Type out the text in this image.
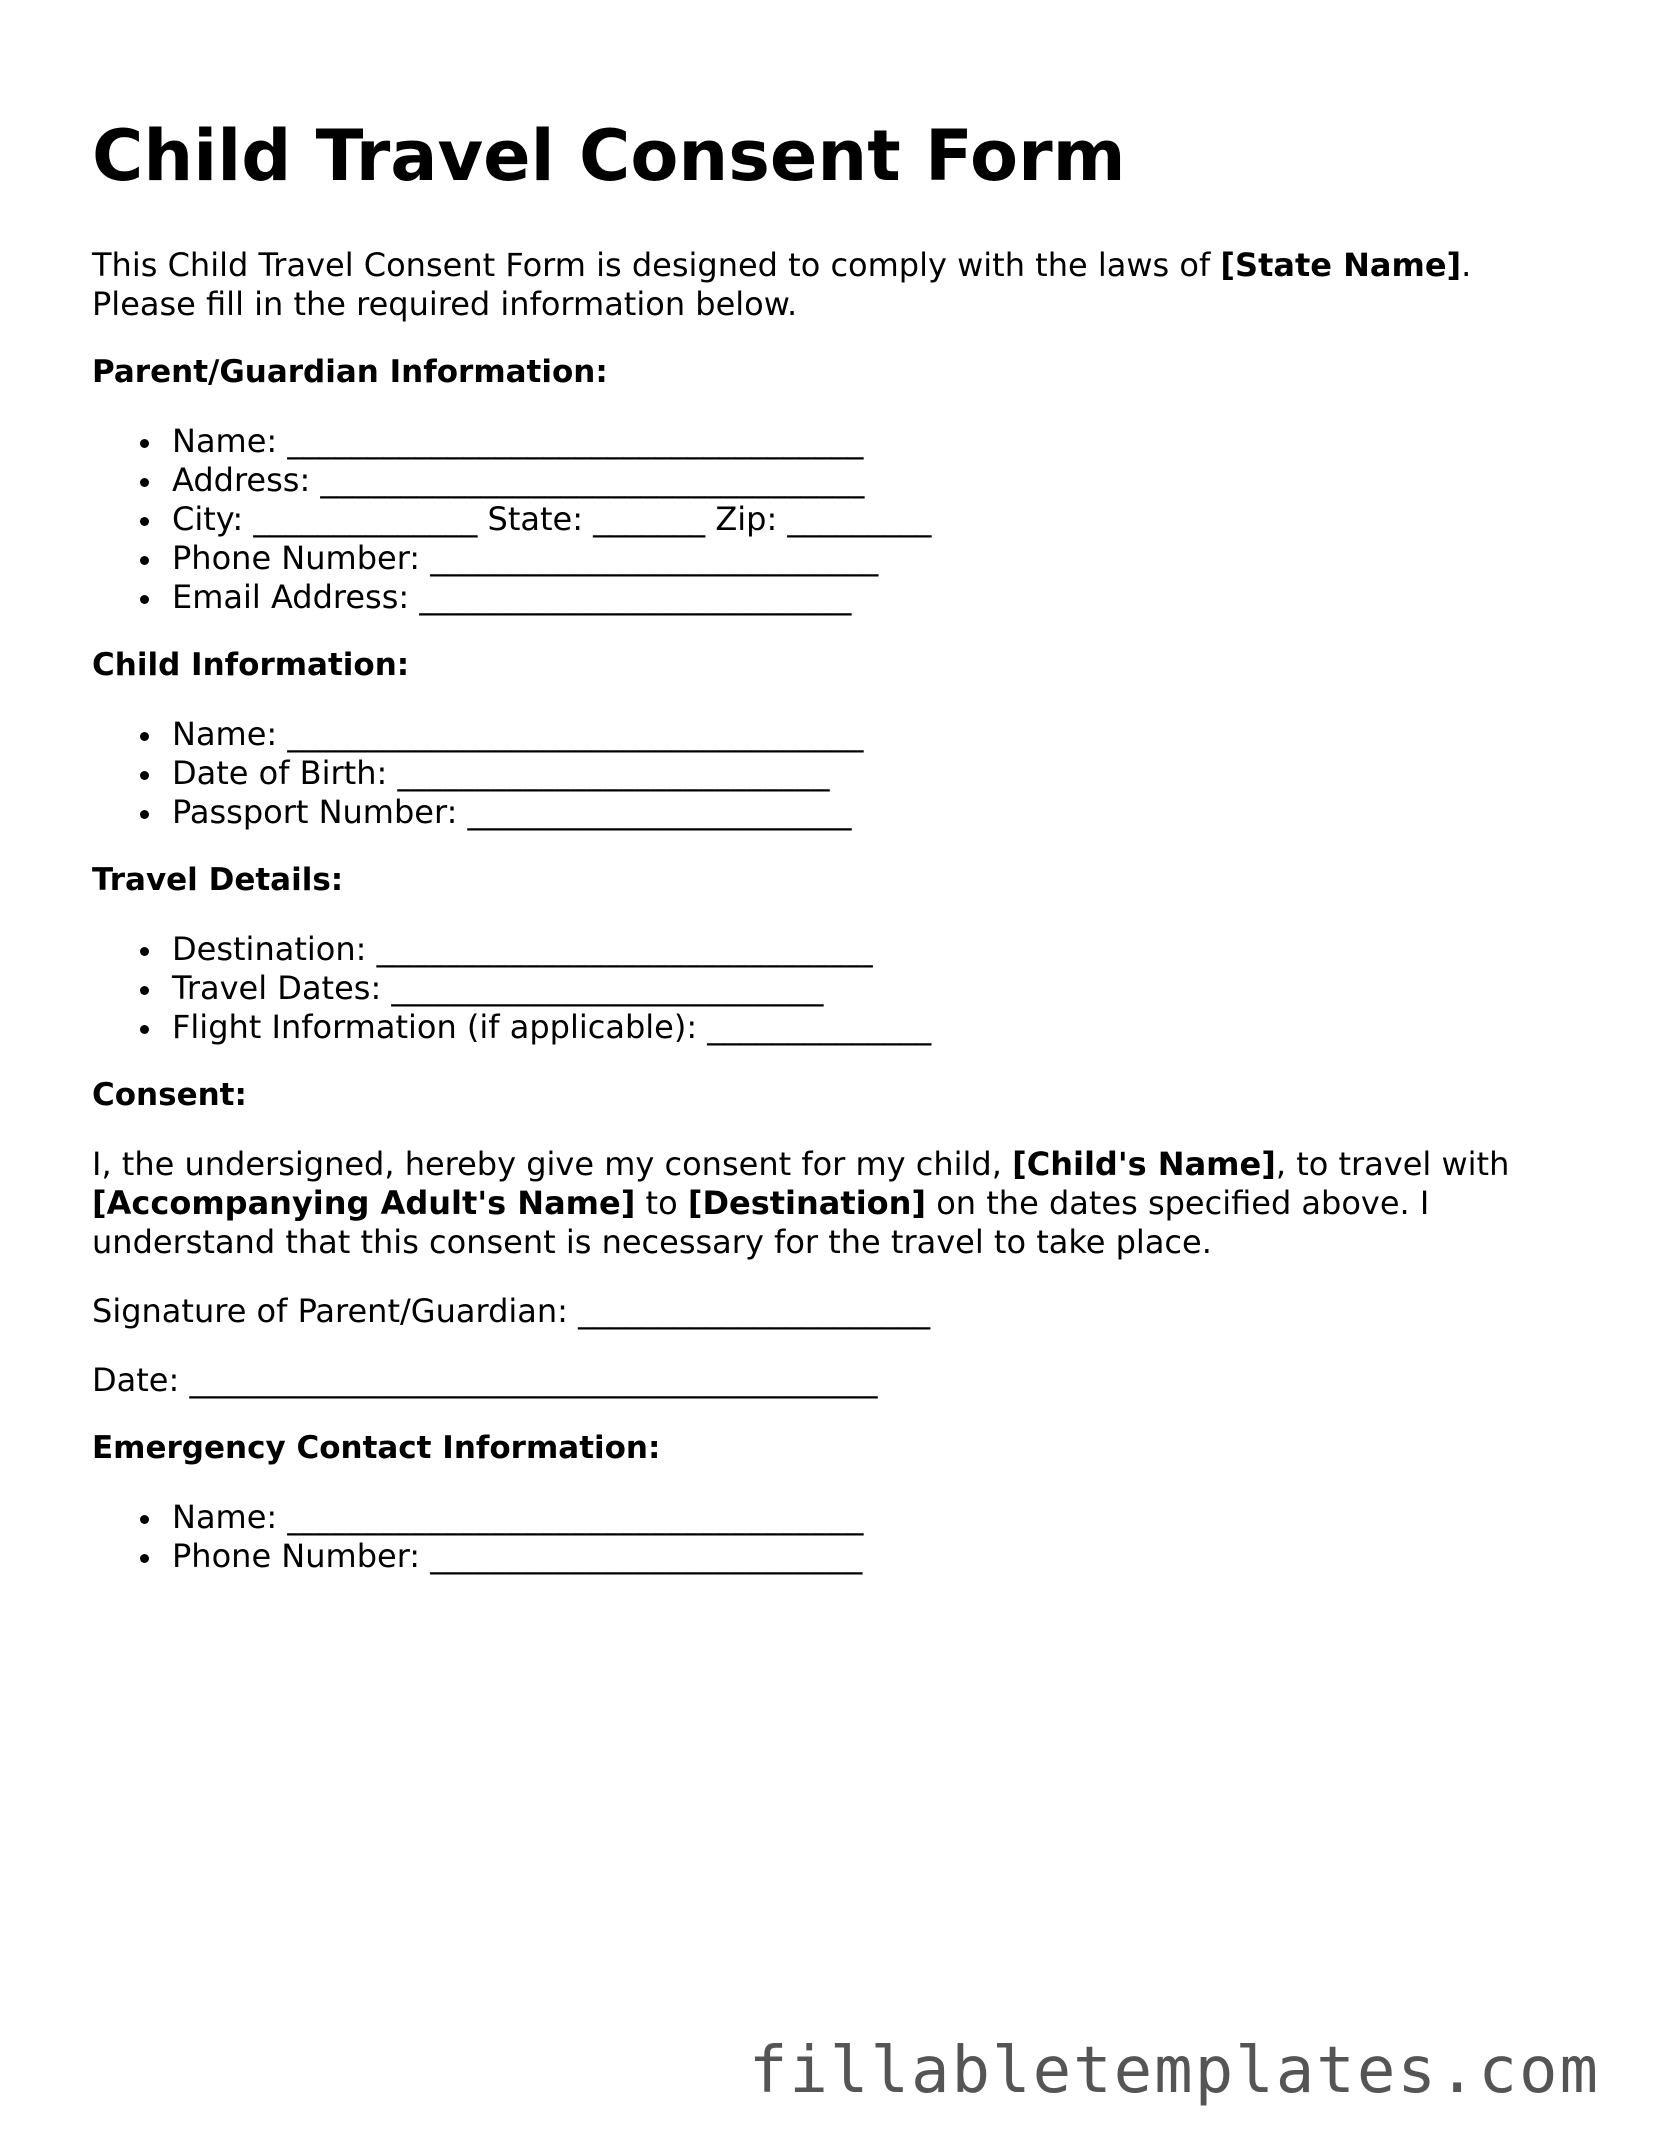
Child Travel Consent Form

This Child Travel Consent Form is designed to comply with the laws of [State Name].
Please fill in the required information below.

Parent/Guardian Information:
Name: ____________________________________
Address: __________________________________
City: ______________ State: _______ Zip: _________
Phone Number: ____________________________
Email Address: ___________________________
Child Information:
Name: ____________________________________
Date of Birth: ___________________________
Passport Number: ________________________
Travel Details:
Destination: _______________________________
Travel Dates: ___________________________
Flight Information (if applicable): ______________
Consent:

I, the undersigned, hereby give my consent for my child, [Child's Name], to travel with
[Accompanying Adult's Name] to [Destination] on the dates specified above. I
understand that this consent is necessary for the travel to take place.

Signature of Parent/Guardian: ______________________
Date: ___________________________________________
Emergency Contact Information:
Name: ____________________________________
Phone Number: ___________________________
fillabletemplates.com
